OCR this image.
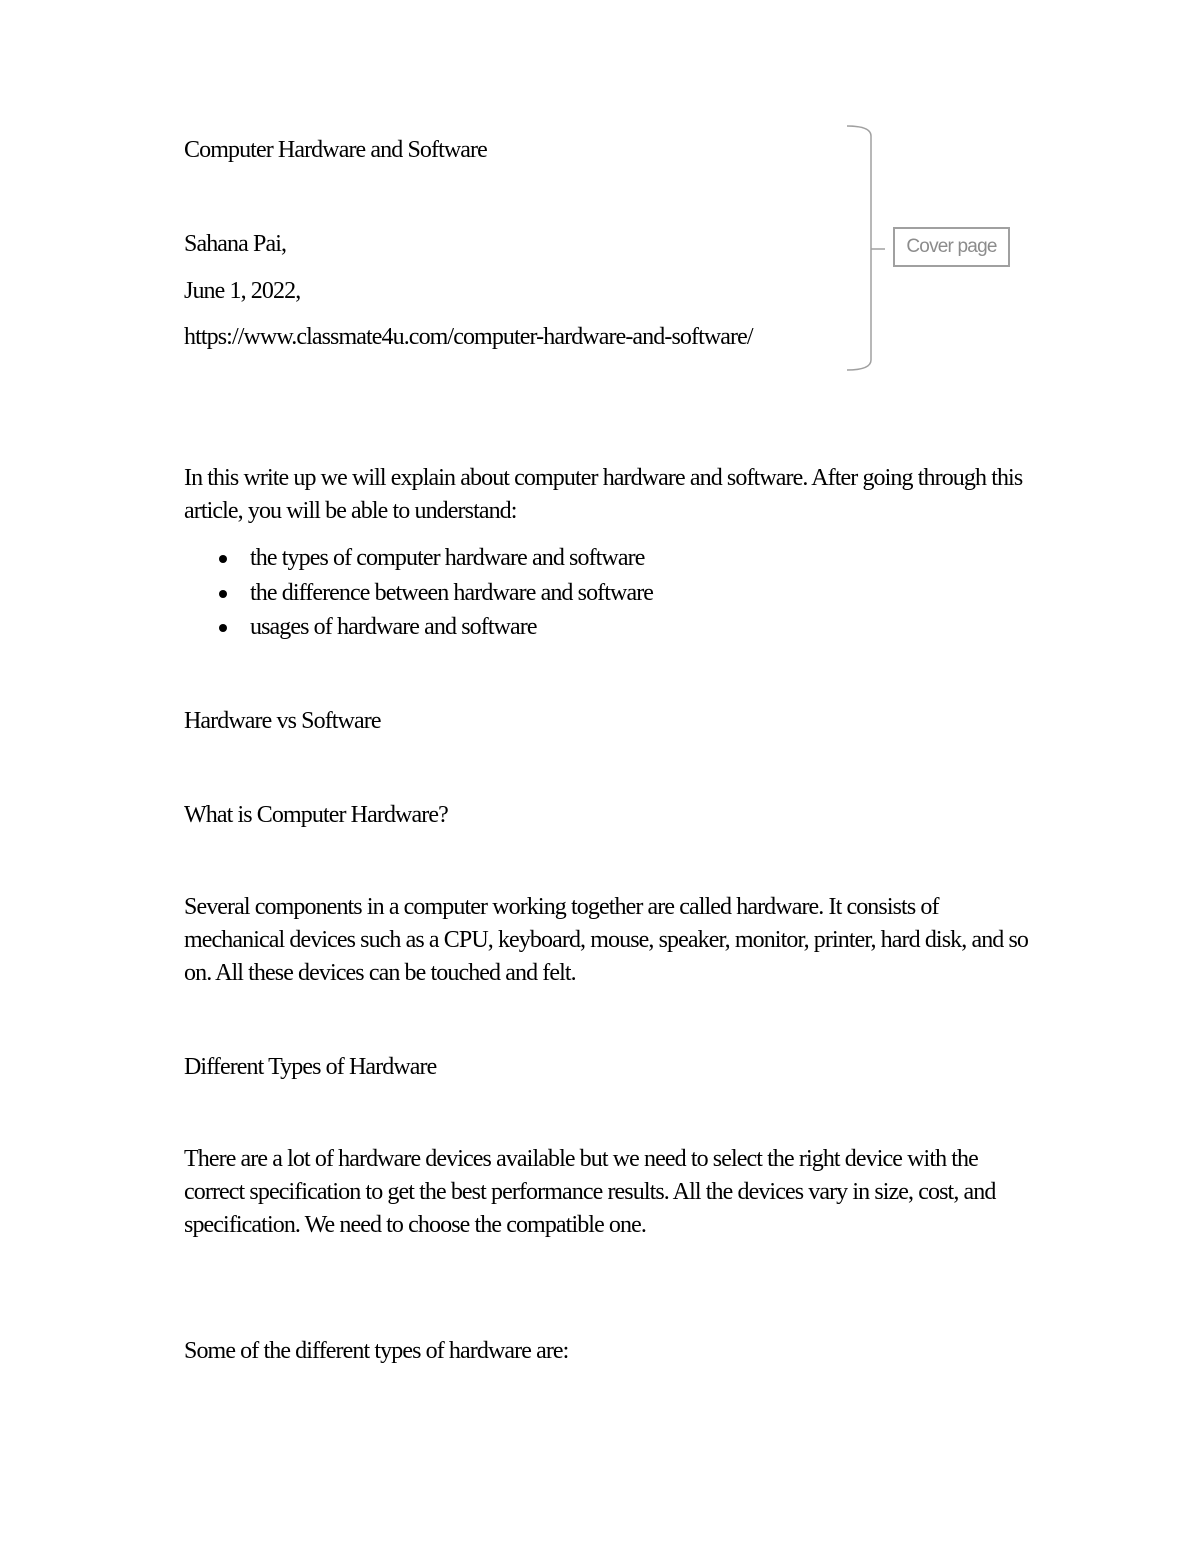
Computer Hardware and Software

Sahana Pai,

June 1, 2022,

https://www.classmate4u.com/computer-hardware-and-software/

Cover page

In this write up we will explain about computer hardware and software. After going through this article, you will be able to understand:

the types of computer hardware and software
the difference between hardware and software
usages of hardware and software

Hardware vs Software

What is Computer Hardware?

Several components in a computer working together are called hardware. It consists of mechanical devices such as a CPU, keyboard, mouse, speaker, monitor, printer, hard disk, and so on. All these devices can be touched and felt.

Different Types of Hardware

There are a lot of hardware devices available but we need to select the right device with the correct specification to get the best performance results. All the devices vary in size, cost, and specification. We need to choose the compatible one.

Some of the different types of hardware are:
